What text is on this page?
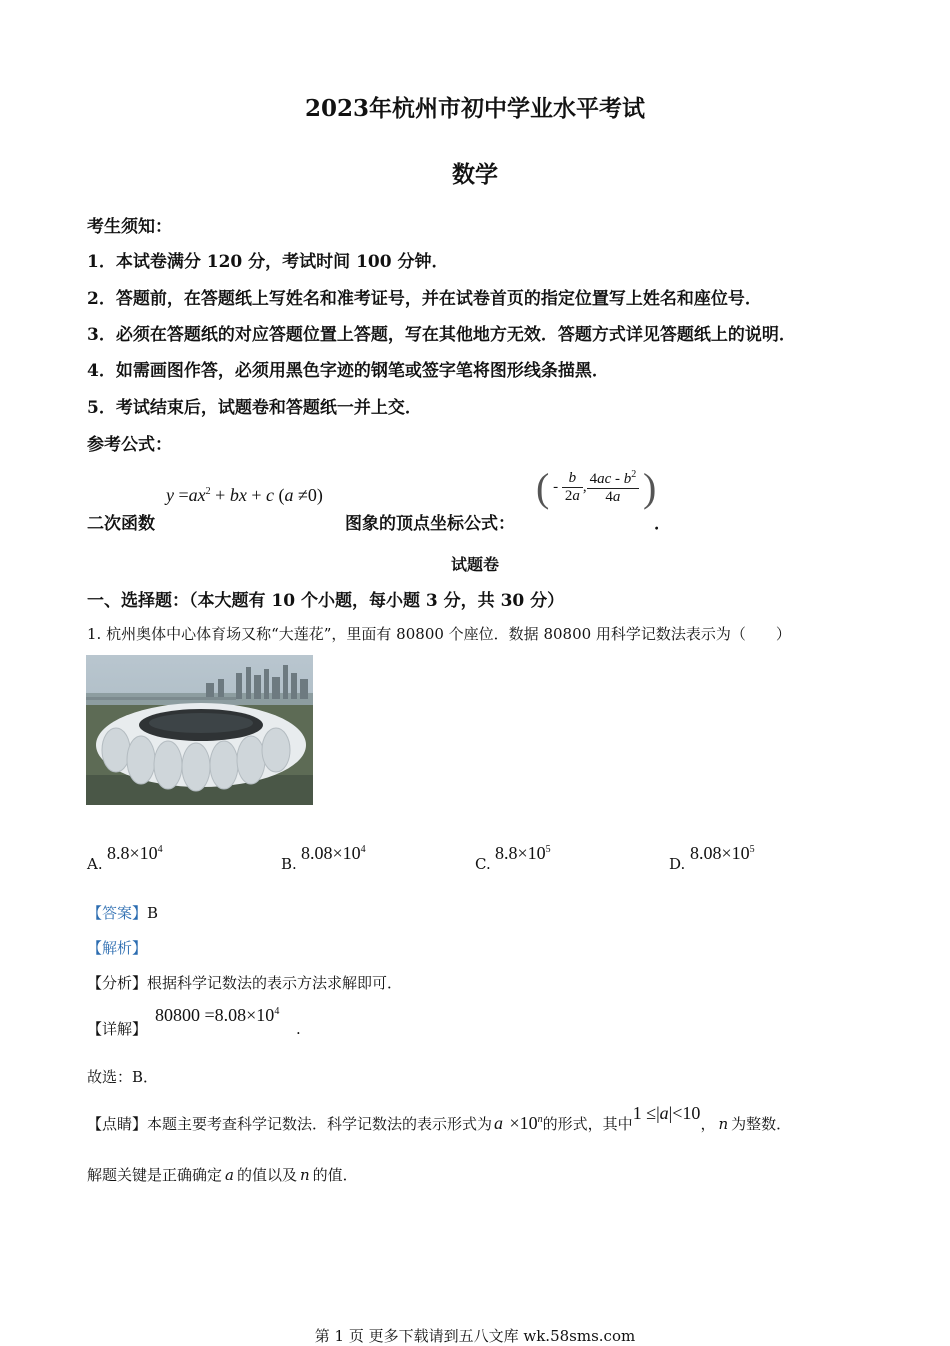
2023年杭州市初中学业水平考试
数学
考生须知：
1．本试卷满分 120 分，考试时间 100 分钟．
2．答题前，在答题纸上写姓名和准考证号，并在试卷首页的指定位置写上姓名和座位号．
3．必须在答题纸的对应答题位置上答题，写在其他地方无效．答题方式详见答题纸上的说明．
4．如需画图作答，必须用黑色字迹的钢笔或签字笔将图形线条描黑．
5．考试结束后，试题卷和答题纸一并上交．
参考公式：
二次函数
$y =ax^2$ + bx + c (a ≠0)
图象的顶点坐标公式：
( - $\frac{b}{2a}$ , $\frac{4ac - b^2}{4a}$ )
．
试题卷
一、选择题：（本大题有 10 个小题，每小题 3 分，共 30 分）
1. 杭州奥体中心体育场又称“大莲花”，里面有 80800 个座位．数据 80800 用科学记数法表示为（　　）
A.
$8.8\times 10^4$
B.
$8.08\times 10^4$
C.
$8.8\times 10^5$
D.
$8.08\times 10^5$
【答案】B
【解析】
【分析】根据科学记数法的表示方法求解即可．
【详解】
$80800 =8.08\times 10^4$
.
故选：B．
【点睛】本题主要考查科学记数法．科学记数法的表示形式为 $a \times 10^n$的形式，其中1 ≤|a|<10， n 为整数．
解题关键是正确确定 a 的值以及 n 的值．
第 1 页 更多下载请到五八文库 wk.58sms.com
